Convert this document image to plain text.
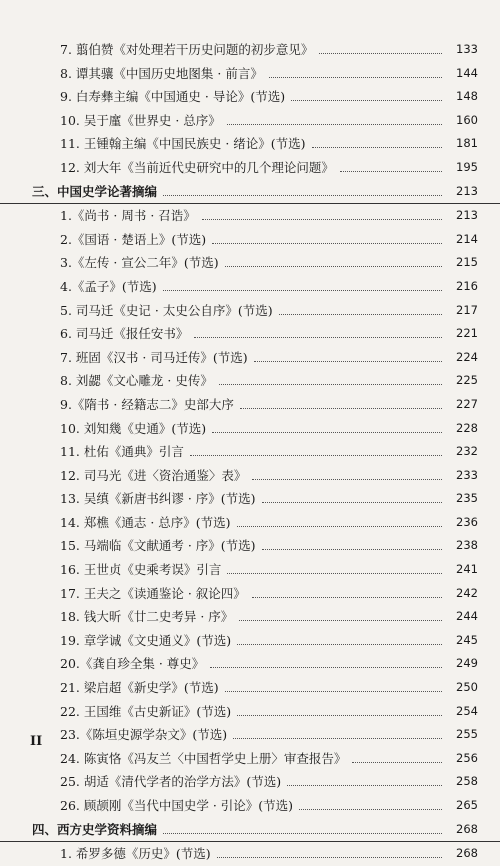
7. 翦伯赞《对处理若干历史问题的初步意见》	133
8. 谭其骧《中国历史地图集 · 前言》	144
9. 白寿彝主编《中国通史 · 导论》(节选)	148
10. 吴于廑《世界史 · 总序》	160
11. 王锺翰主编《中国民族史 · 绪论》(节选)	181
12. 刘大年《当前近代史研究中的几个理论问题》	195
三、中国史学论著摘编	213
1.《尚书 · 周书 · 召诰》	213
2.《国语 · 楚语上》(节选)	214
3.《左传 · 宣公二年》(节选)	215
4.《孟子》(节选)	216
5. 司马迁《史记 · 太史公自序》(节选)	217
6. 司马迁《报任安书》	221
7. 班固《汉书 · 司马迁传》(节选)	224
8. 刘勰《文心雕龙 · 史传》	225
9.《隋书 · 经籍志二》史部大序	227
10. 刘知幾《史通》(节选)	228
11. 杜佑《通典》引言	232
12. 司马光《进〈资治通鉴〉表》	233
13. 吴缜《新唐书纠谬 · 序》(节选)	235
14. 郑樵《通志 · 总序》(节选)	236
15. 马端临《文献通考 · 序》(节选)	238
16. 王世贞《史乘考误》引言	241
17. 王夫之《读通鉴论 · 叙论四》	242
18. 钱大昕《廿二史考异 · 序》	244
19. 章学诚《文史通义》(节选)	245
20.《龚自珍全集 · 尊史》	249
21. 梁启超《新史学》(节选)	250
22. 王国维《古史新证》(节选)	254
23.《陈垣史源学杂文》(节选)	255
24. 陈寅恪《冯友兰〈中国哲学史上册〉审查报告》	256
25. 胡适《清代学者的治学方法》(节选)	258
26. 顾颉刚《当代中国史学 · 引论》(节选)	265
四、西方史学资料摘编	268
1. 希罗多德《历史》(节选)	268
II
